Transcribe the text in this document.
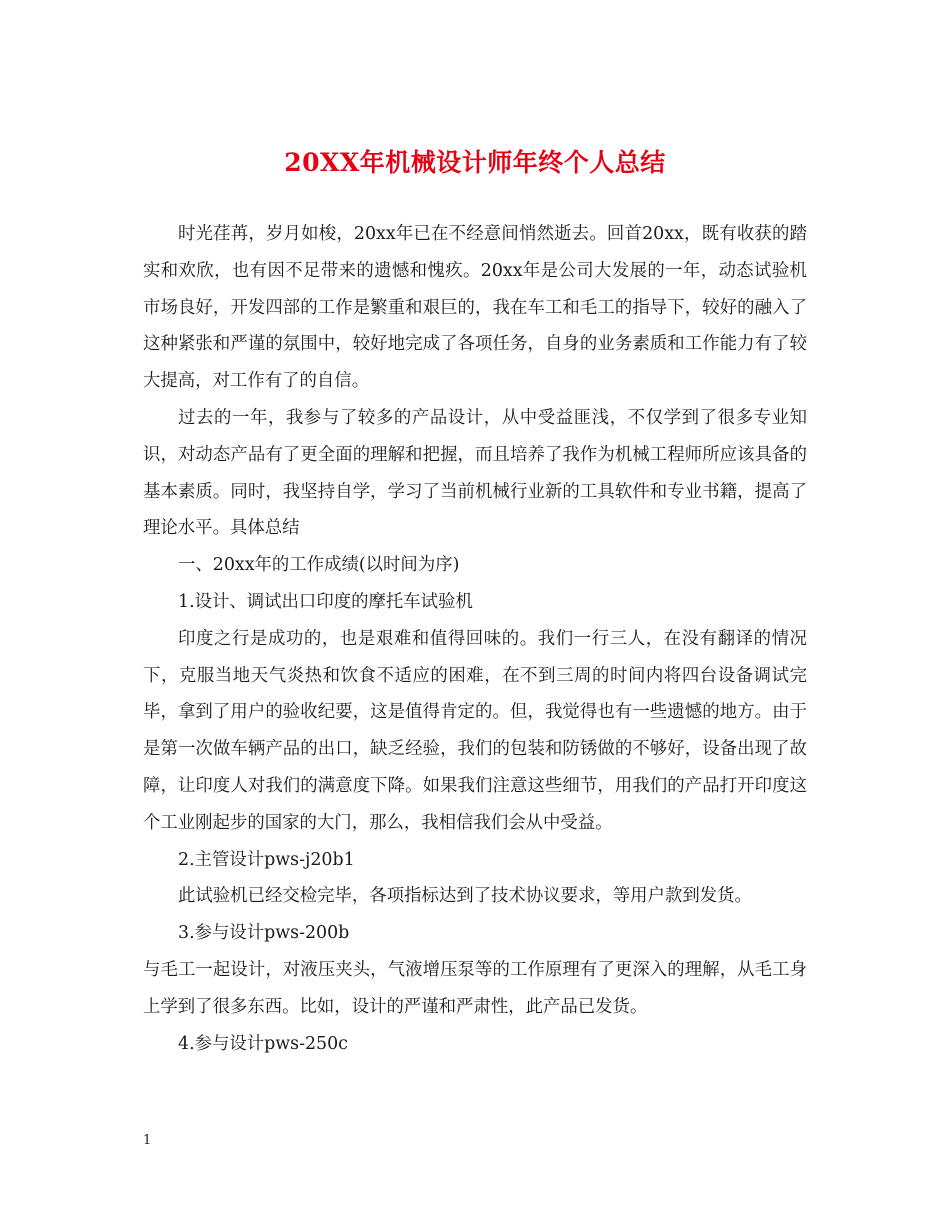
20XX年机械设计师年终个人总结

时光荏苒，岁月如梭，20xx年已在不经意间悄然逝去。回首20xx，既有收获的踏实和欢欣，也有因不足带来的遗憾和愧疚。20xx年是公司大发展的一年，动态试验机市场良好，开发四部的工作是繁重和艰巨的，我在车工和毛工的指导下，较好的融入了这种紧张和严谨的氛围中，较好地完成了各项任务，自身的业务素质和工作能力有了较大提高，对工作有了的自信。

过去的一年，我参与了较多的产品设计，从中受益匪浅，不仅学到了很多专业知识，对动态产品有了更全面的理解和把握，而且培养了我作为机械工程师所应该具备的基本素质。同时，我坚持自学，学习了当前机械行业新的工具软件和专业书籍，提高了理论水平。具体总结

一、20xx年的工作成绩(以时间为序)

1.设计、调试出口印度的摩托车试验机

印度之行是成功的，也是艰难和值得回味的。我们一行三人，在没有翻译的情况下，克服当地天气炎热和饮食不适应的困难，在不到三周的时间内将四台设备调试完毕，拿到了用户的验收纪要，这是值得肯定的。但，我觉得也有一些遗憾的地方。由于是第一次做车辆产品的出口，缺乏经验，我们的包装和防锈做的不够好，设备出现了故障，让印度人对我们的满意度下降。如果我们注意这些细节，用我们的产品打开印度这个工业刚起步的国家的大门，那么，我相信我们会从中受益。

2.主管设计pws-j20b1

此试验机已经交检完毕，各项指标达到了技术协议要求，等用户款到发货。

3.参与设计pws-200b

与毛工一起设计，对液压夹头，气液增压泵等的工作原理有了更深入的理解，从毛工身上学到了很多东西。比如，设计的严谨和严肃性，此产品已发货。

4.参与设计pws-250c

1
